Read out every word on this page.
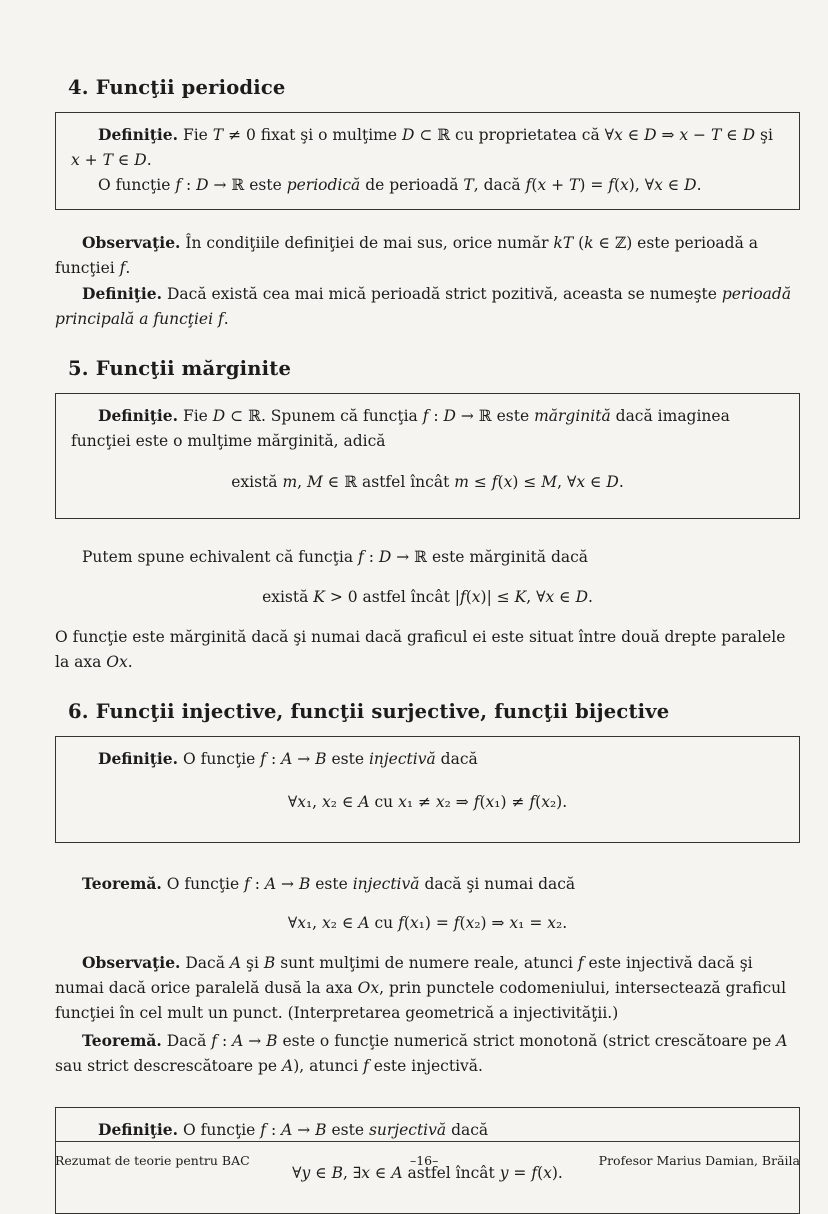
4. Funcţii periodice

Definiţie. Fie T ≠ 0 fixat şi o mulţime D ⊂ ℝ cu proprietatea că ∀x ∈ D ⇒ x − T ∈ D şi x + T ∈ D.

O funcţie f : D → ℝ este periodică de perioadă T, dacă f(x + T) = f(x), ∀x ∈ D.

Observaţie. În condiţiile definiţiei de mai sus, orice număr kT (k ∈ ℤ) este perioadă a funcţiei f.

Definiţie. Dacă există cea mai mică perioadă strict pozitivă, aceasta se numeşte perioadă principală a funcţiei f.

5. Funcţii mărginite

Definiţie. Fie D ⊂ ℝ. Spunem că funcţia f : D → ℝ este mărginită dacă imaginea funcţiei este o mulţime mărginită, adică

există m, M ∈ ℝ astfel încât m ≤ f(x) ≤ M, ∀x ∈ D.

Putem spune echivalent că funcţia f : D → ℝ este mărginită dacă

există K > 0 astfel încât |f(x)| ≤ K, ∀x ∈ D.

O funcţie este mărginită dacă şi numai dacă graficul ei este situat între două drepte paralele la axa Ox.

6. Funcţii injective, funcţii surjective, funcţii bijective

Definiţie. O funcţie f : A → B este injectivă dacă

∀x₁, x₂ ∈ A cu x₁ ≠ x₂ ⇒ f(x₁) ≠ f(x₂).

Teoremă. O funcţie f : A → B este injectivă dacă şi numai dacă

∀x₁, x₂ ∈ A cu f(x₁) = f(x₂) ⇒ x₁ = x₂.

Observaţie. Dacă A şi B sunt mulţimi de numere reale, atunci f este injectivă dacă şi numai dacă orice paralelă dusă la axa Ox, prin punctele codomeniului, intersectează graficul funcţiei în cel mult un punct. (Interpretarea geometrică a injectivităţii.)

Teoremă. Dacă f : A → B este o funcţie numerică strict monotonă (strict crescătoare pe A sau strict descrescătoare pe A), atunci f este injectivă.

Definiţie. O funcţie f : A → B este surjectivă dacă

∀y ∈ B, ∃x ∈ A astfel încât y = f(x).

Rezumat de teorie pentru BAC	–16–	Profesor Marius Damian, Brăila
